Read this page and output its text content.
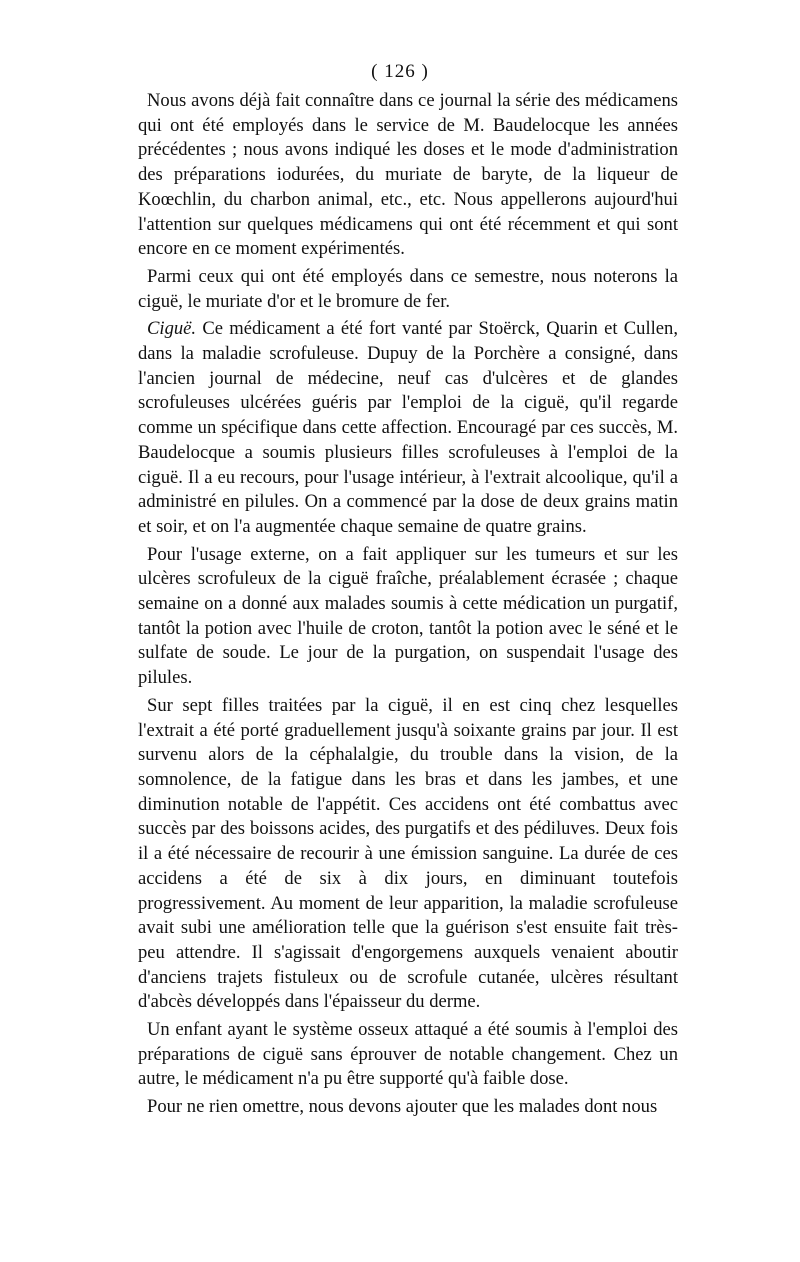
( 126 )

Nous avons déjà fait connaître dans ce journal la série des médicamens qui ont été employés dans le service de M. Baudelocque les années précédentes ; nous avons indiqué les doses et le mode d'administration des préparations iodurées, du muriate de baryte, de la liqueur de Koœchlin, du charbon animal, etc., etc. Nous appellerons aujourd'hui l'attention sur quelques médicamens qui ont été récemment et qui sont encore en ce moment expérimentés.

Parmi ceux qui ont été employés dans ce semestre, nous noterons la ciguë, le muriate d'or et le bromure de fer.

Ciguë. Ce médicament a été fort vanté par Stoërck, Quarin et Cullen, dans la maladie scrofuleuse. Dupuy de la Porchère a consigné, dans l'ancien journal de médecine, neuf cas d'ulcères et de glandes scrofuleuses ulcérées guéris par l'emploi de la ciguë, qu'il regarde comme un spécifique dans cette affection. Encouragé par ces succès, M. Baudelocque a soumis plusieurs filles scrofuleuses à l'emploi de la ciguë. Il a eu recours, pour l'usage intérieur, à l'extrait alcoolique, qu'il a administré en pilules. On a commencé par la dose de deux grains matin et soir, et on l'a augmentée chaque semaine de quatre grains.

Pour l'usage externe, on a fait appliquer sur les tumeurs et sur les ulcères scrofuleux de la ciguë fraîche, préalablement écrasée ; chaque semaine on a donné aux malades soumis à cette médication un purgatif, tantôt la potion avec l'huile de croton, tantôt la potion avec le séné et le sulfate de soude. Le jour de la purgation, on suspendait l'usage des pilules.

Sur sept filles traitées par la ciguë, il en est cinq chez lesquelles l'extrait a été porté graduellement jusqu'à soixante grains par jour. Il est survenu alors de la céphalalgie, du trouble dans la vision, de la somnolence, de la fatigue dans les bras et dans les jambes, et une diminution notable de l'appétit. Ces accidens ont été combattus avec succès par des boissons acides, des purgatifs et des pédiluves. Deux fois il a été nécessaire de recourir à une émission sanguine. La durée de ces accidens a été de six à dix jours, en diminuant toutefois progressivement. Au moment de leur apparition, la maladie scrofuleuse avait subi une amélioration telle que la guérison s'est ensuite fait très-peu attendre. Il s'agissait d'engorgemens auxquels venaient aboutir d'anciens trajets fistuleux ou de scrofule cutanée, ulcères résultant d'abcès développés dans l'épaisseur du derme.

Un enfant ayant le système osseux attaqué a été soumis à l'emploi des préparations de ciguë sans éprouver de notable changement. Chez un autre, le médicament n'a pu être supporté qu'à faible dose.

Pour ne rien omettre, nous devons ajouter que les malades dont nous
